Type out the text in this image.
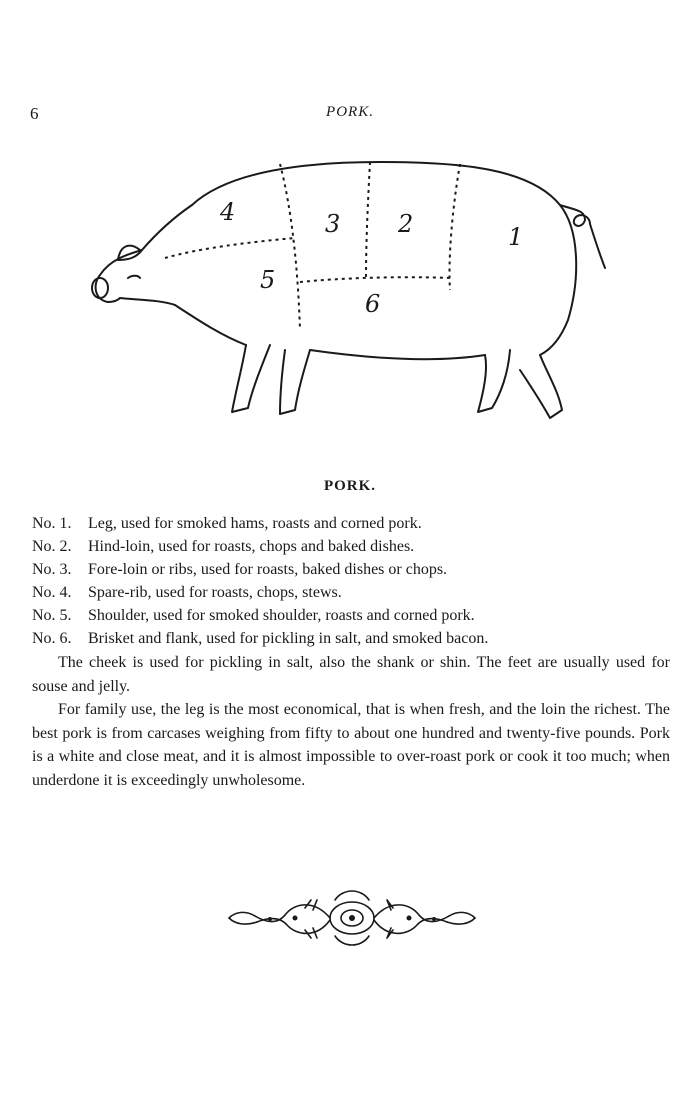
6	PORK.
1
2
3
4
5
6
PORK.
No. 1. Leg, used for smoked hams, roasts and corned pork.
No. 2. Hind-loin, used for roasts, chops and baked dishes.
No. 3. Fore-loin or ribs, used for roasts, baked dishes or chops.
No. 4. Spare-rib, used for roasts, chops, stews.
No. 5. Shoulder, used for smoked shoulder, roasts and corned pork.
No. 6. Brisket and flank, used for pickling in salt, and smoked bacon.

The cheek is used for pickling in salt, also the shank or shin. The feet are usually used for souse and jelly.

For family use, the leg is the most economical, that is when fresh, and the loin the richest. The best pork is from carcases weighing from fifty to about one hundred and twenty-five pounds. Pork is a white and close meat, and it is almost impossible to over-roast pork or cook it too much; when underdone it is exceedingly unwholesome.
